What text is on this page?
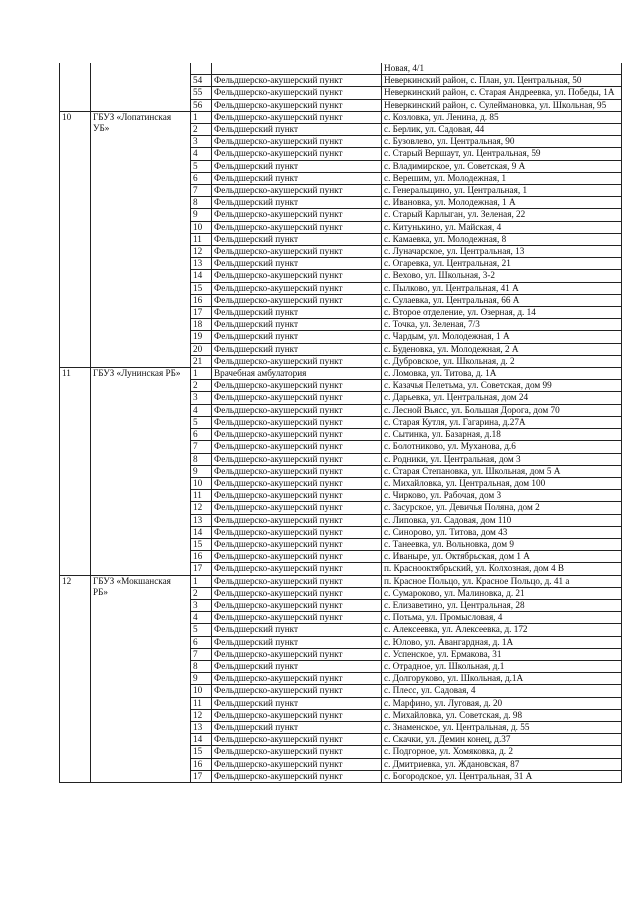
				Новая, 4/1
		54	Фельдшерско-акушерский пункт	Неверкинский район, с. План, ул. Центральная, 50
		55	Фельдшерско-акушерский пункт	Неверкинский район, с. Старая Андреевка, ул. Победы, 1А
		56	Фельдшерско-акушерский пункт	Неверкинский район, с. Сулеймановка, ул. Школьная, 95
10	ГБУЗ «Лопатинская УБ»	1	Фельдшерско-акушерский пункт	с. Козловка, ул. Ленина, д. 85
		2	Фельдшерский пункт	с. Берлик, ул. Садовая, 44
		3	Фельдшерско-акушерский пункт	с. Бузовлево, ул. Центральная, 90
		4	Фельдшерско-акушерский пункт	с. Старый Вершаут, ул. Центральная, 59
		5	Фельдшерский пункт	с. Владимирское, ул. Советская, 9 А
		6	Фельдшерский пункт	с. Верешим, ул. Молодежная, 1
		7	Фельдшерско-акушерский пункт	с. Генеральщино, ул. Центральная, 1
		8	Фельдшерский пункт	с. Ивановка, ул. Молодежная, 1 А
		9	Фельдшерско-акушерский пункт	с. Старый Карлыган, ул. Зеленая, 22
		10	Фельдшерско-акушерский пункт	с. Китунькино, ул. Майская, 4
		11	Фельдшерский пункт	с. Камаевка, ул. Молодежная, 8
		12	Фельдшерско-акушерский пункт	с. Луначарское, ул. Центральная, 13
		13	Фельдшерский пункт	с. Огаревка, ул. Центральная, 21
		14	Фельдшерско-акушерский пункт	с. Вехово, ул. Школьная, 3-2
		15	Фельдшерско-акушерский пункт	с. Пылково, ул. Центральная, 41 А
		16	Фельдшерско-акушерский пункт	с. Сулаевка, ул. Центральная, 66 А
		17	Фельдшерский пункт	с. Второе отделение, ул. Озерная, д. 14
		18	Фельдшерский пункт	с. Точка, ул. Зеленая, 7/3
		19	Фельдшерский пункт	с. Чардым, ул. Молодежная, 1 А
		20	Фельдшерский пункт	с. Буденовка, ул. Молодежная, 2 А
		21	Фельдшерско-акушерский пункт	с. Дубровское, ул. Школьная, д. 2
11	ГБУЗ «Лунинская РБ»	1	Врачебная амбулатория	с. Ломовка, ул. Титова, д. 1А
		2	Фельдшерско-акушерский пункт	с. Казачья Пелетьма, ул. Советская, дом 99
		3	Фельдшерско-акушерский пункт	с. Дарьевка, ул. Центральная, дом 24
		4	Фельдшерско-акушерский пункт	с. Лесной Вьясс, ул. Большая Дорога, дом 70
		5	Фельдшерско-акушерский пункт	с. Старая Кутля, ул. Гагарина, д.27А
		6	Фельдшерско-акушерский пункт	с. Сытинка, ул. Базарная, д.18
		7	Фельдшерско-акушерский пункт	с. Болотниково, ул. Муханова, д.6
		8	Фельдшерско-акушерский пункт	с. Родники, ул. Центральная, дом 3
		9	Фельдшерско-акушерский пункт	с. Старая Степановка, ул. Школьная, дом 5 А
		10	Фельдшерско-акушерский пункт	с. Михайловка, ул. Центральная, дом 100
		11	Фельдшерско-акушерский пункт	с. Чирково, ул. Рабочая, дом 3
		12	Фельдшерско-акушерский пункт	с. Засурское, ул. Девичья Поляна, дом 2
		13	Фельдшерско-акушерский пункт	с. Липовка, ул. Садовая, дом 110
		14	Фельдшерско-акушерский пункт	с. Синорово, ул. Титова, дом 43
		15	Фельдшерско-акушерский пункт	с. Танеевка, ул. Вольновка, дом 9
		16	Фельдшерско-акушерский пункт	с. Иваныре, ул. Октябрьская, дом 1 А
		17	Фельдшерско-акушерский пункт	п. Красноoктябрьский, ул. Колхозная, дом 4 В
12	ГБУЗ «Мокшанская РБ»	1	Фельдшерско-акушерский пункт	п. Красное Польцо, ул. Красное Польцо, д. 41 а
		2	Фельдшерско-акушерский пункт	с. Сумароково, ул. Малиновка, д. 21
		3	Фельдшерско-акушерский пункт	с. Елизаветино, ул. Центральная, 28
		4	Фельдшерско-акушерский пункт	с. Потьма, ул. Промысловая, 4
		5	Фельдшерский пункт	с. Алексеевка, ул. Алексеевка, д. 172
		6	Фельдшерский пункт	с. Юлово, ул. Авангардная, д. 1А
		7	Фельдшерско-акушерский пункт	с. Успенское, ул. Ермакова, 31
		8	Фельдшерский пункт	с. Отрадное, ул. Школьная, д.1
		9	Фельдшерско-акушерский пункт	с. Долгоруково, ул. Школьная, д.1А
		10	Фельдшерско-акушерский пункт	с. Плесс, ул. Садовая, 4
		11	Фельдшерский пункт	с. Марфино, ул. Луговая, д. 20
		12	Фельдшерско-акушерский пункт	с. Михайловка, ул. Советская, д. 98
		13	Фельдшерский пункт	с. Знаменское, ул. Центральная, д. 55
		14	Фельдшерско-акушерский пункт	с. Скачки, ул. Демин конец, д.37
		15	Фельдшерско-акушерский пункт	с. Подгорное, ул. Хомяковка, д. 2
		16	Фельдшерско-акушерский пункт	с. Дмитриевка, ул. Ждановская, 87
		17	Фельдшерско-акушерский пункт	с. Богородское, ул. Центральная, 31 А
